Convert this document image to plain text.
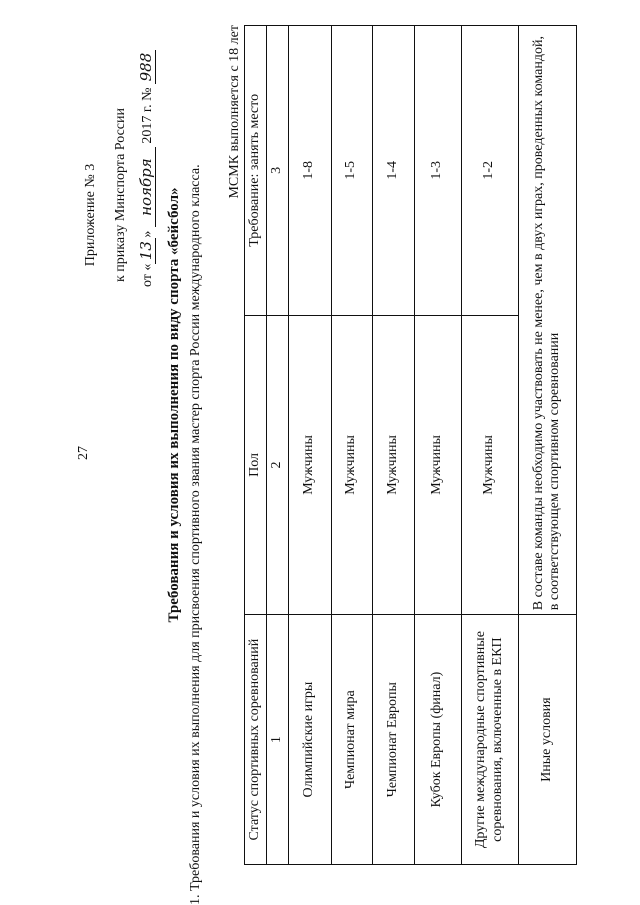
27
Приложение № 3 к приказу Минспорта России от «13» ноября 2017 г. № 988
Требования и условия их выполнения по виду спорта «бейсбол» 1. Требования и условия их выполнения для присвоения спортивного звания мастер спорта России международного класса.
МСМК выполняется с 18 лет
Статус спортивных соревнований	Пол	Требование: занять место
1	2	3
Олимпийские игры	Мужчины	1-8
Чемпионат мира	Мужчины	1-5
Чемпионат Европы	Мужчины	1-4
Кубок Европы (финал)	Мужчины	1-3
Другие международные спортивные соревнования, включенные в ЕКП	Мужчины	1-2
Иные условия	В составе команды необходимо участвовать не менее, чем в двух играх, проведенных командой, в соответствующем спортивном соревновании	
